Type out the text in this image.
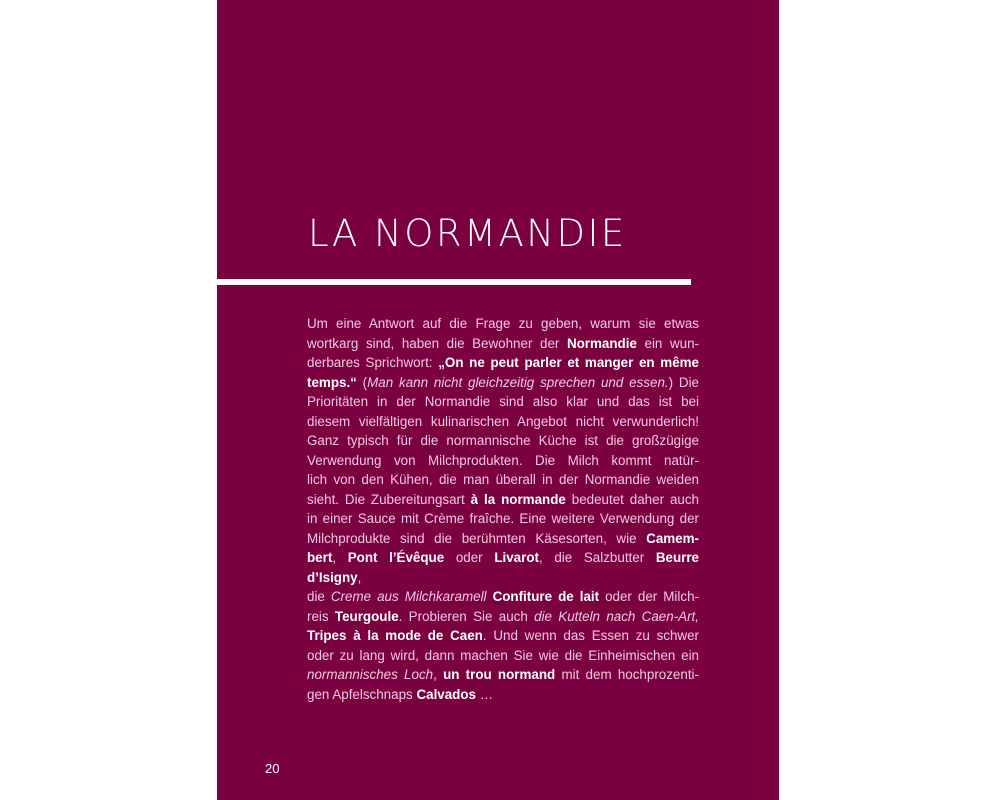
LA NORMANDIE
Um eine Antwort auf die Frage zu geben, warum sie etwas
wortkarg sind, haben die Bewohner der Normandie ein wun-
derbares Sprichwort: „On ne peut parler et manger en même
temps.“ (Man kann nicht gleichzeitig sprechen und essen.) Die
Prioritäten in der Normandie sind also klar und das ist bei
diesem vielfältigen kulinarischen Angebot nicht verwunderlich!
Ganz typisch für die normannische Küche ist die großzügige
Verwendung von Milchprodukten. Die Milch kommt natür-
lich von den Kühen, die man überall in der Normandie weiden
sieht. Die Zubereitungsart à la normande bedeutet daher auch
in einer Sauce mit Crème fraîche. Eine weitere Verwendung der
Milchprodukte sind die berühmten Käsesorten, wie Camem-
bert, Pont l’Évêque oder Livarot, die Salzbutter Beurre d’Isigny,
die Creme aus Milchkaramell Confiture de lait oder der Milch-
reis Teurgoule. Probieren Sie auch die Kutteln nach Caen-Art,
Tripes à la mode de Caen. Und wenn das Essen zu schwer
oder zu lang wird, dann machen Sie wie die Einheimischen ein
normannisches Loch, un trou normand mit dem hochprozenti-
gen Apfelschnaps Calvados …
20
